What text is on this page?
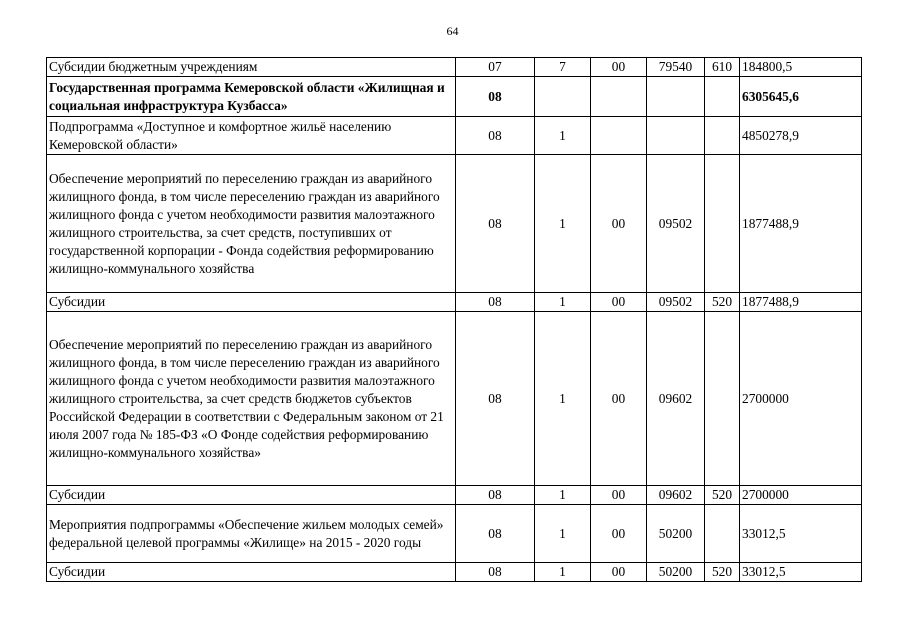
64
Субсидии бюджетным учреждениям	07	7	00	79540	610	184800,5
Государственная программа Кемеровской области «Жилищная и социальная инфраструктура Кузбасса»	08					6305645,6
Подпрограмма «Доступное и комфортное жильё населению Кемеровской области»	08	1				4850278,9
Обеспечение мероприятий по переселению граждан из аварийного жилищного фонда, в том числе переселению граждан из аварийного жилищного фонда с учетом необходимости развития малоэтажного жилищного строительства, за счет средств, поступивших от государственной корпорации - Фонда содействия реформированию жилищно-коммунального хозяйства	08	1	00	09502		1877488,9
Субсидии	08	1	00	09502	520	1877488,9
Обеспечение мероприятий по переселению граждан из аварийного жилищного фонда, в том числе переселению граждан из аварийного жилищного фонда с учетом необходимости развития малоэтажного жилищного строительства, за счет средств бюджетов субъектов Российской Федерации в соответствии с Федеральным законом от 21 июля 2007 года № 185-ФЗ «О Фонде содействия реформированию жилищно-коммунального хозяйства»	08	1	00	09602		2700000
Субсидии	08	1	00	09602	520	2700000
Мероприятия подпрограммы «Обеспечение жильем молодых семей» федеральной целевой программы «Жилище» на 2015 - 2020 годы	08	1	00	50200		33012,5
Субсидии	08	1	00	50200	520	33012,5
